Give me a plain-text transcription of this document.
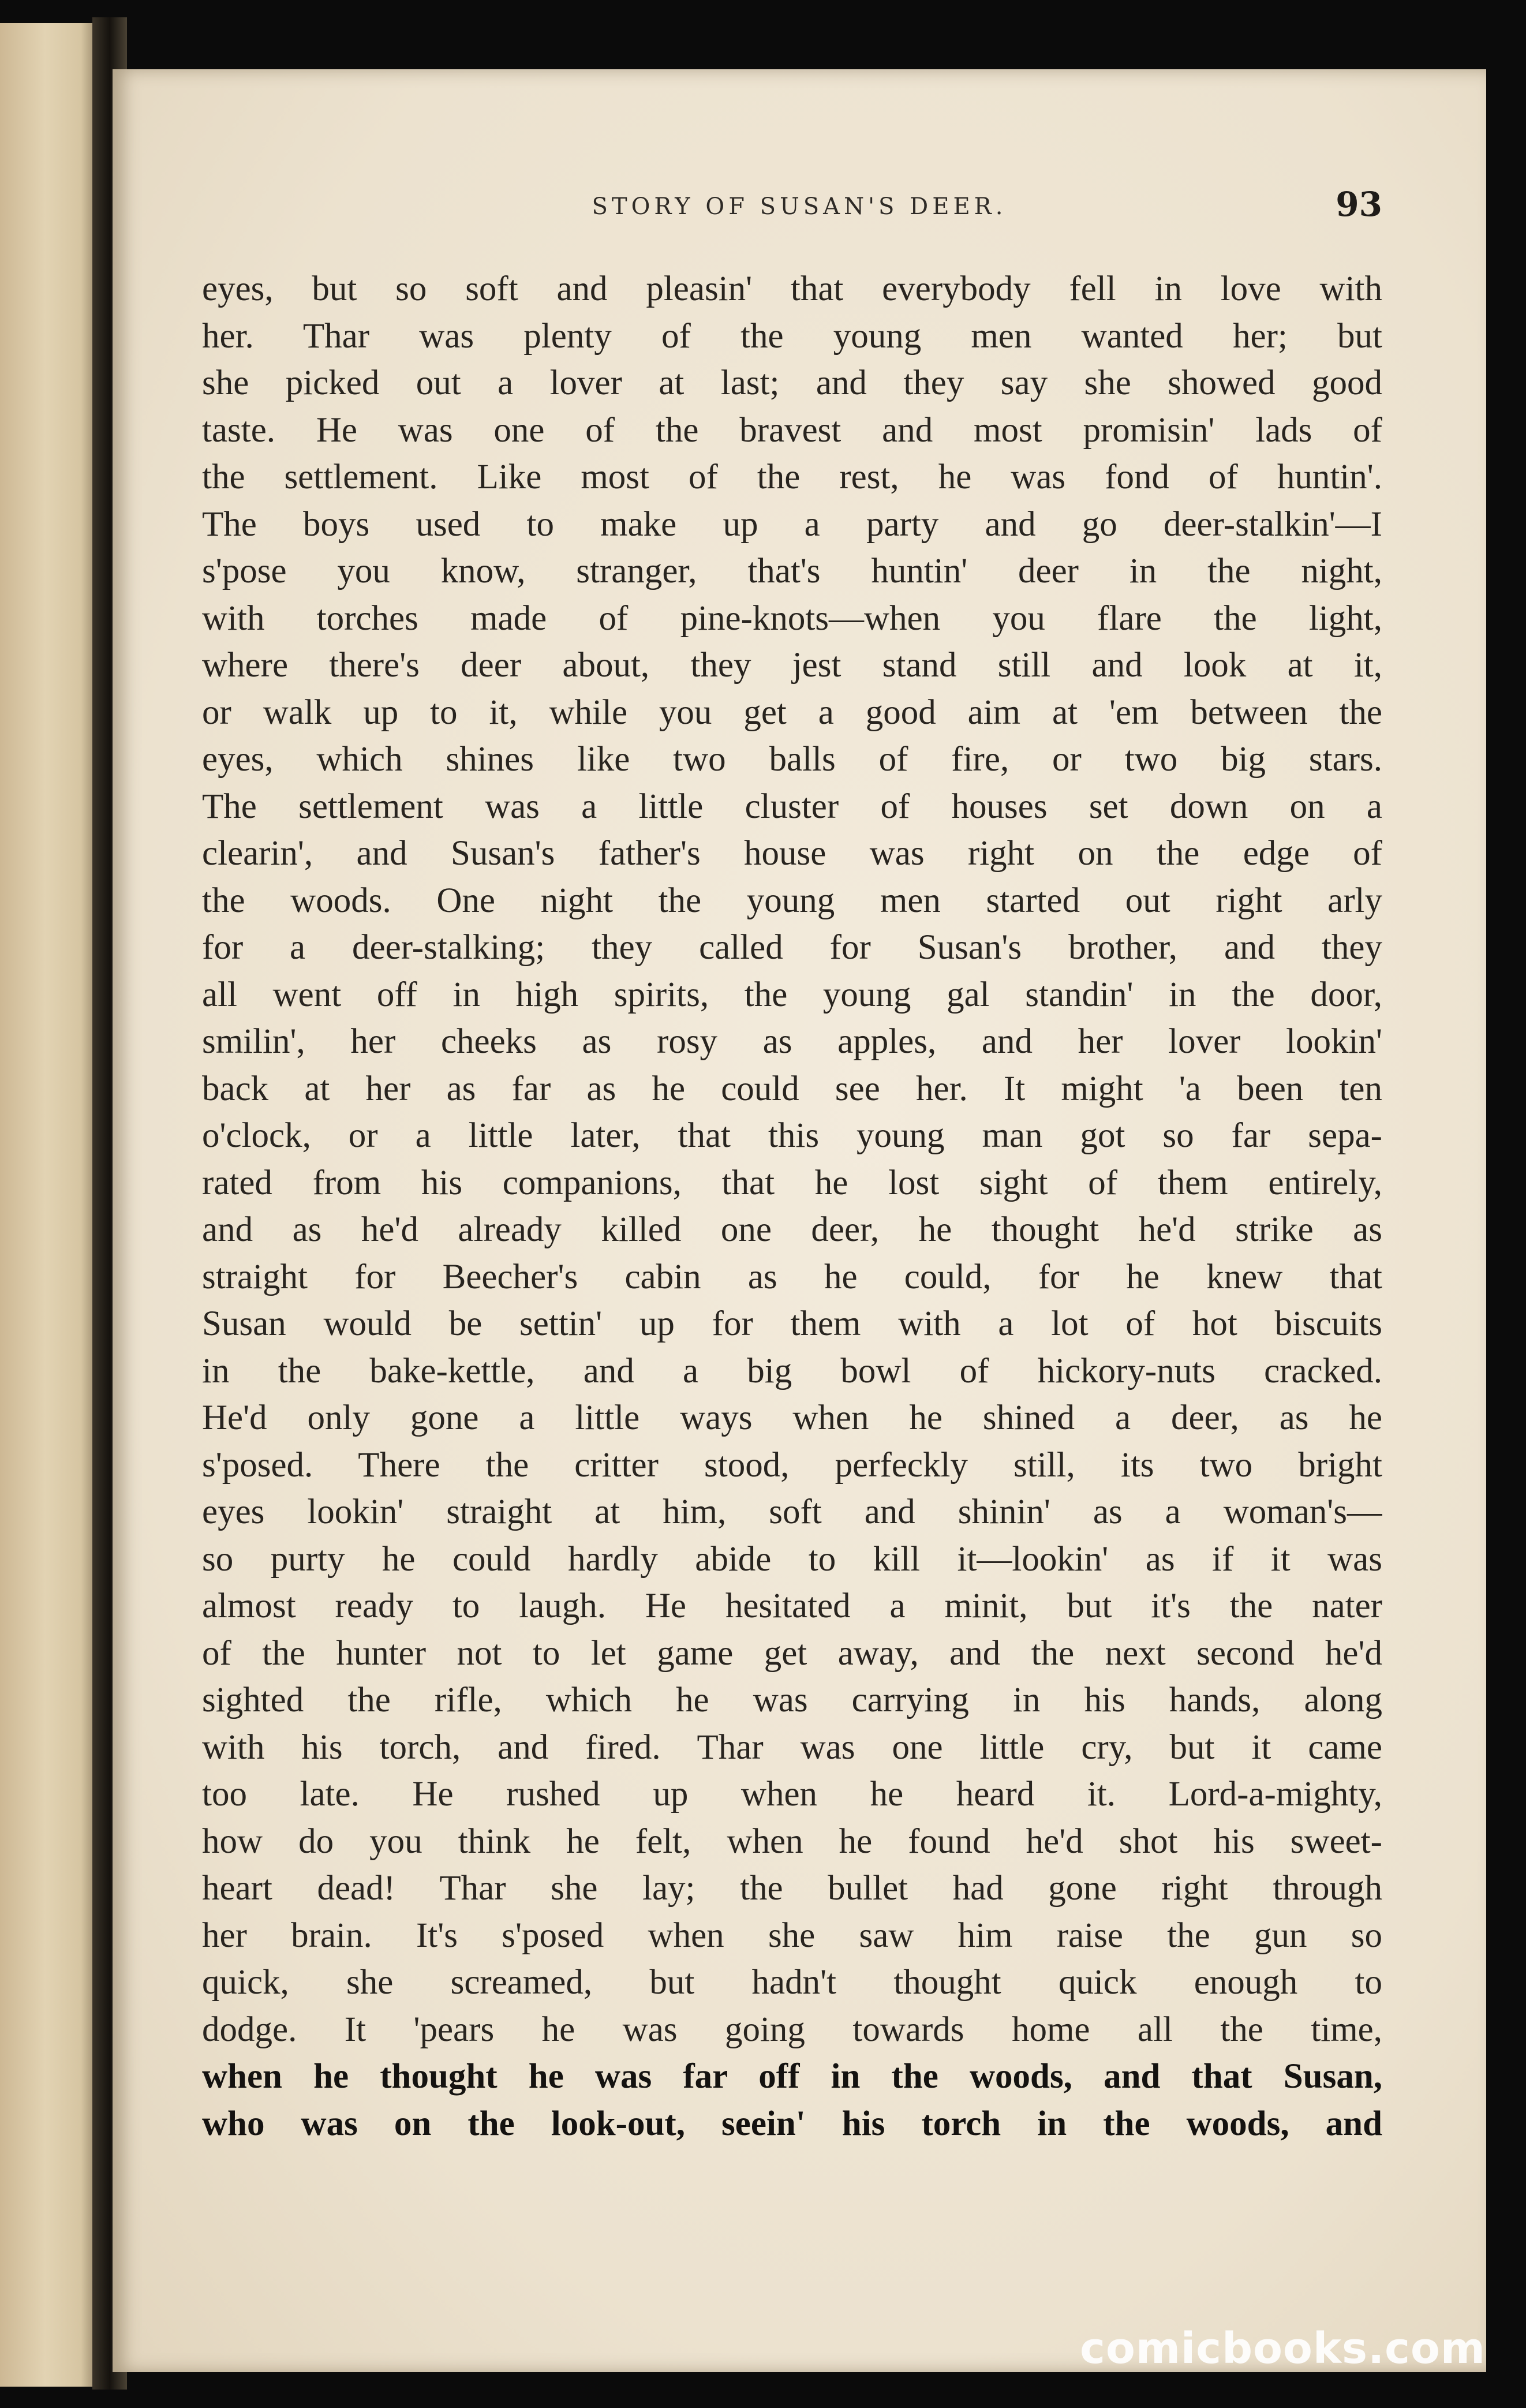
STORY OF SUSAN'S DEER.	93
eyes, but so soft and pleasin' that everybody fell in love with
her. Thar was plenty of the young men wanted her; but
she picked out a lover at last; and they say she showed good
taste. He was one of the bravest and most promisin' lads of
the settlement. Like most of the rest, he was fond of huntin'.
The boys used to make up a party and go deer-stalkin'—I
s'pose you know, stranger, that's huntin' deer in the night,
with torches made of pine-knots—when you flare the light,
where there's deer about, they jest stand still and look at it,
or walk up to it, while you get a good aim at 'em between the
eyes, which shines like two balls of fire, or two big stars.
The settlement was a little cluster of houses set down on a
clearin', and Susan's father's house was right on the edge of
the woods. One night the young men started out right arly
for a deer-stalking; they called for Susan's brother, and they
all went off in high spirits, the young gal standin' in the door,
smilin', her cheeks as rosy as apples, and her lover lookin'
back at her as far as he could see her. It might 'a been ten
o'clock, or a little later, that this young man got so far sepa-
rated from his companions, that he lost sight of them entirely,
and as he'd already killed one deer, he thought he'd strike as
straight for Beecher's cabin as he could, for he knew that
Susan would be settin' up for them with a lot of hot biscuits
in the bake-kettle, and a big bowl of hickory-nuts cracked.
He'd only gone a little ways when he shined a deer, as he
s'posed. There the critter stood, perfeckly still, its two bright
eyes lookin' straight at him, soft and shinin' as a woman's—
so purty he could hardly abide to kill it—lookin' as if it was
almost ready to laugh. He hesitated a minit, but it's the nater
of the hunter not to let game get away, and the next second he'd
sighted the rifle, which he was carrying in his hands, along
with his torch, and fired. Thar was one little cry, but it came
too late. He rushed up when he heard it. Lord-a-mighty,
how do you think he felt, when he found he'd shot his sweet-
heart dead! Thar she lay; the bullet had gone right through
her brain. It's s'posed when she saw him raise the gun so
quick, she screamed, but hadn't thought quick enough to
dodge. It 'pears he was going towards home all the time,
when he thought he was far off in the woods, and that Susan,
who was on the look-out, seein' his torch in the woods, and
comicbooks.com
